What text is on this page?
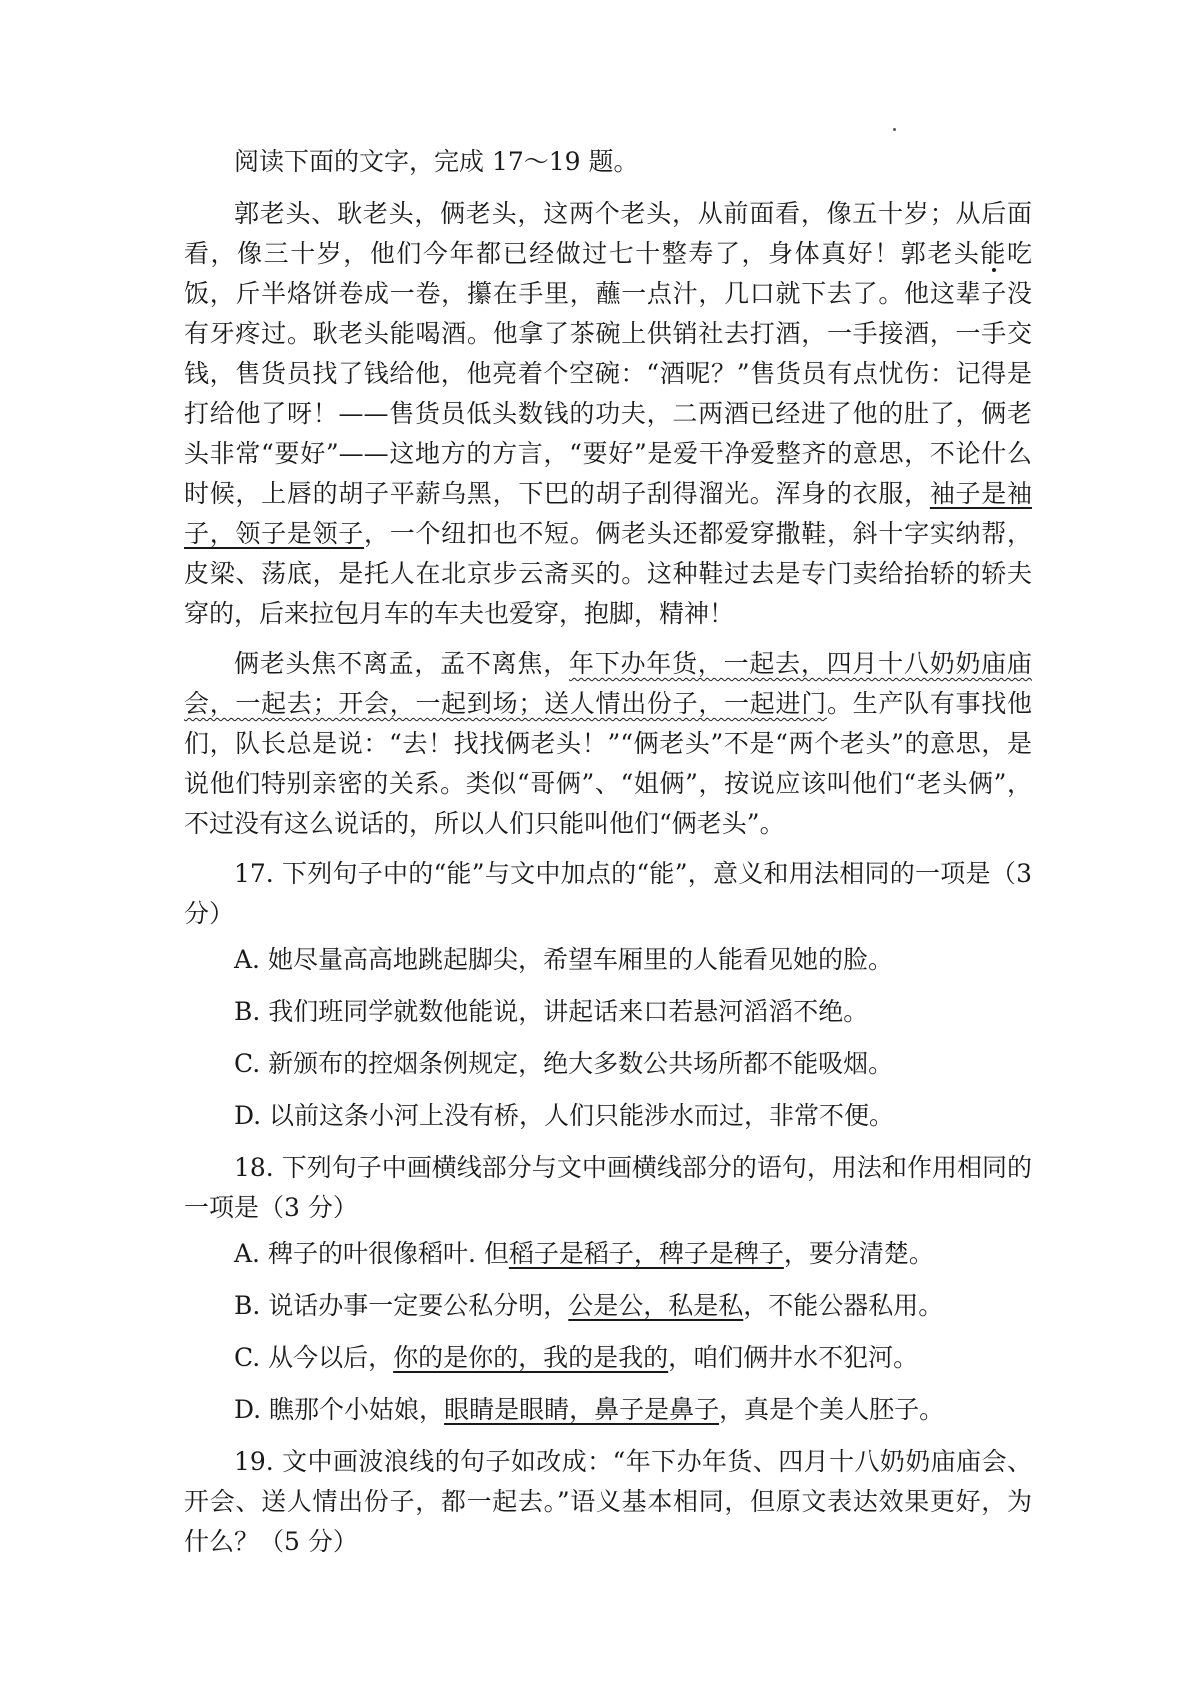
阅读下面的文字，完成 17～19 题。

郭老头、耿老头，俩老头，这两个老头，从前面看，像五十岁；从后面看，像三十岁，他们今年都已经做过七十整寿了，身体真好！郭老头能吃饭，斤半烙饼卷成一卷，攥在手里，蘸一点汁，几口就下去了。他这辈子没有牙疼过。耿老头能喝酒。他拿了茶碗上供销社去打酒，一手接酒，一手交钱，售货员找了钱给他，他亮着个空碗：“酒呢？”售货员有点忧伤：记得是打给他了呀！——售货员低头数钱的功夫，二两酒已经进了他的肚了，俩老头非常“要好”——这地方的方言，“要好”是爱干净爱整齐的意思，不论什么时候，上唇的胡子平薪乌黑，下巴的胡子刮得溜光。浑身的衣服，袖子是袖子，领子是领子，一个纽扣也不短。俩老头还都爱穿撒鞋，斜十字实纳帮，皮梁、荡底，是托人在北京步云斋买的。这种鞋过去是专门卖给抬轿的轿夫穿的，后来拉包月车的车夫也爱穿，抱脚，精神！

俩老头焦不离孟，孟不离焦，年下办年货，一起去，四月十八奶奶庙庙会，一起去；开会，一起到场；送人情出份子，一起进门。生产队有事找他们，队长总是说：“去！找找俩老头！”“俩老头”不是“两个老头”的意思，是说他们特别亲密的关系。类似“哥俩”、“姐俩”，按说应该叫他们“老头俩”，不过没有这么说话的，所以人们只能叫他们“俩老头”。

17. 下列句子中的“能”与文中加点的“能”，意义和用法相同的一项是（3分）

A. 她尽量高高地跳起脚尖，希望车厢里的人能看见她的脸。

B. 我们班同学就数他能说，讲起话来口若悬河滔滔不绝。

C. 新颁布的控烟条例规定，绝大多数公共场所都不能吸烟。

D. 以前这条小河上没有桥，人们只能涉水而过，非常不便。

18. 下列句子中画横线部分与文中画横线部分的语句，用法和作用相同的一项是（3 分）

A. 稗子的叶很像稻叶. 但稻子是稻子，稗子是稗子，要分清楚。

B. 说话办事一定要公私分明，公是公，私是私，不能公器私用。

C. 从今以后，你的是你的，我的是我的，咱们俩井水不犯河。

D. 瞧那个小姑娘，眼睛是眼睛，鼻子是鼻子，真是个美人胚子。

19. 文中画波浪线的句子如改成：“年下办年货、四月十八奶奶庙庙会、开会、送人情出份子，都一起去。”语义基本相同，但原文表达效果更好，为什么？（5 分）
